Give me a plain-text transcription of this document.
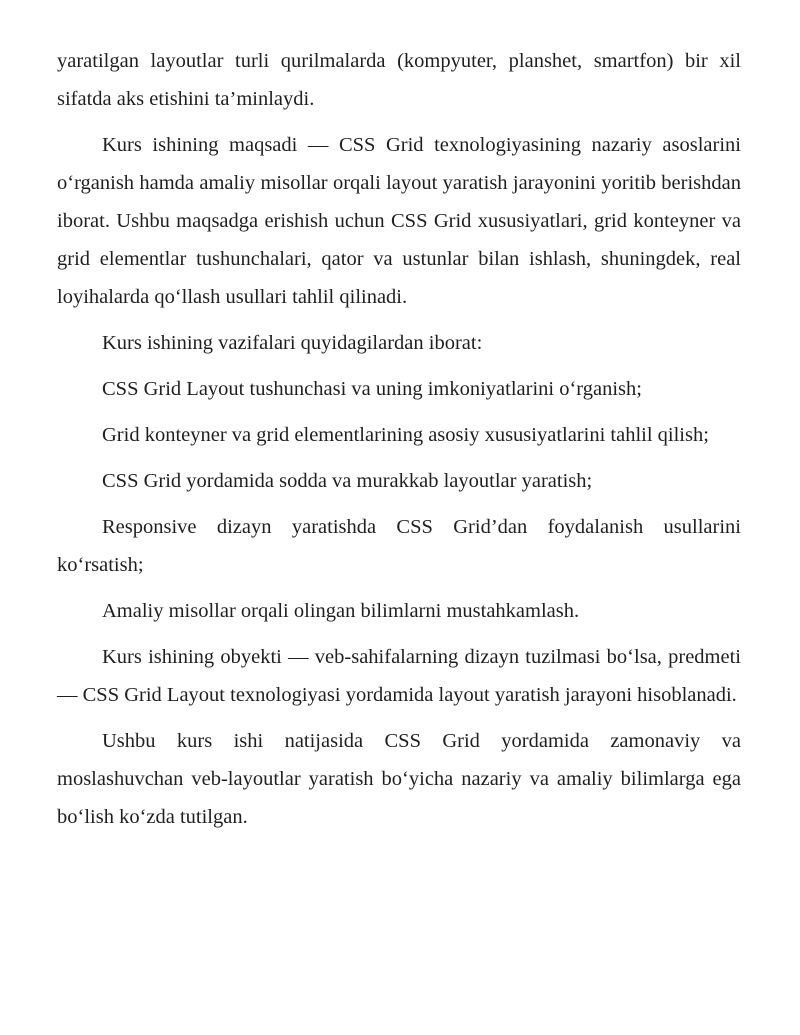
yaratilgan layoutlar turli qurilmalarda (kompyuter, planshet, smartfon) bir xil sifatda aks etishini ta’minlaydi.

Kurs ishining maqsadi — CSS Grid texnologiyasining nazariy asoslarini o‘rganish hamda amaliy misollar orqali layout yaratish jarayonini yoritib berishdan iborat. Ushbu maqsadga erishish uchun CSS Grid xususiyatlari, grid konteyner va grid elementlar tushunchalari, qator va ustunlar bilan ishlash, shuningdek, real loyihalarda qo‘llash usullari tahlil qilinadi.

Kurs ishining vazifalari quyidagilardan iborat:

CSS Grid Layout tushunchasi va uning imkoniyatlarini o‘rganish;

Grid konteyner va grid elementlarining asosiy xususiyatlarini tahlil qilish;

CSS Grid yordamida sodda va murakkab layoutlar yaratish;

Responsive dizayn yaratishda CSS Grid’dan foydalanish usullarini ko‘rsatish;

Amaliy misollar orqali olingan bilimlarni mustahkamlash.

Kurs ishining obyekti — veb-sahifalarning dizayn tuzilmasi bo‘lsa, predmeti — CSS Grid Layout texnologiyasi yordamida layout yaratish jarayoni hisoblanadi.

Ushbu kurs ishi natijasida CSS Grid yordamida zamonaviy va moslashuvchan veb-layoutlar yaratish bo‘yicha nazariy va amaliy bilimlarga ega bo‘lish ko‘zda tutilgan.
